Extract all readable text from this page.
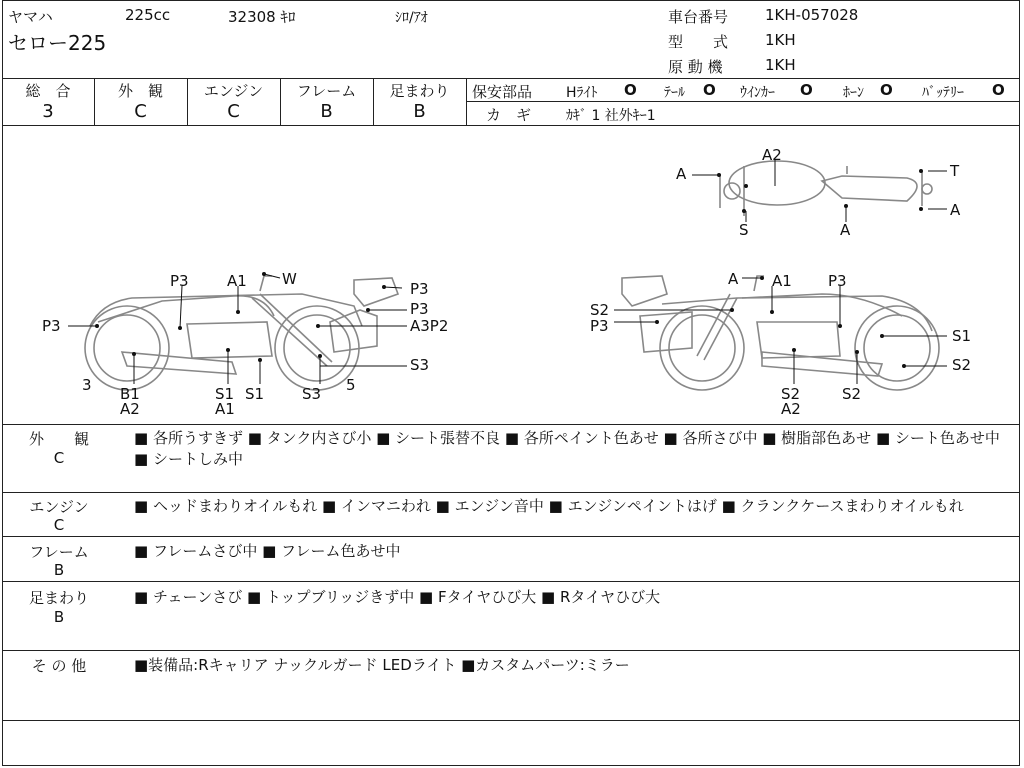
ヤマハ
セロー225
225cc	32308 ｷﾛ	ｼﾛ/ｱｵ	車台番号 1KH-057028
型　　式 1KH
原 動 機	1KH
総　合
3
外　観
C
エンジン
C
フレーム
B
足まわり
B
保安部品 Hﾗｲﾄ O ﾃｰﾙ O ｳｲﾝｶｰ O ﾎｰﾝ O ﾊﾞｯﾃﾘｰ O
カ　ギ ｶｷﾞ 1 社外ｷｰ1
A
A2
T
S	A
A
P3
A1 W
P3	P3
A3P2
P3
B1
A2
S1
A1
S1	S3
S3
3	5
A A1 P3
S2
P3
S1
S2
S2
A2
S2
外　　観
C
■ 各所うすきず ■ タンク内さび小 ■ シート張替不良 ■ 各所ペイント色あせ ■ 各所さび中 ■ 樹脂部色あせ ■ シート色あせ中 ■ シートしみ中
エンジン
C
■ ヘッドまわりオイルもれ ■ インマニわれ ■ エンジン音中 ■ エンジンペイントはげ ■ クランクケースまわりオイルもれ
フレーム
B
■ フレームさび中 ■ フレーム色あせ中
足まわり
B
■ チェーンさび ■ トップブリッジきず中 ■ Fタイヤひび大 ■ Rタイヤひび大
そ の 他	■装備品:Rキャリア ナックルガード LEDライト ■カスタムパーツ:ミラー
